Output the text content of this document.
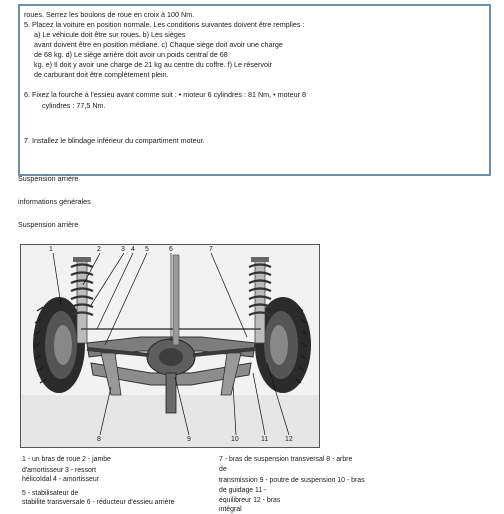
roues. Serrez les boulons de roue en croix à 100 Nm.

5. Placez la voiture en position normale. Les conditions suivantes doivent être remplies :

a) Le véhicule doit être sur roues. b) Les sièges

avant doivent être en position médiane. c) Chaque siège doit avoir une charge

de 68 kg. d) Le siège arrière doit avoir un poids central de 68

kg. e) Il doit y avoir une charge de 21 kg au centre du coffre. f) Le réservoir

de carburant doit être complètement plein.

6. Fixez la fourche à l'essieu avant comme suit : • moteur 6 cylindres : 81 Nm, • moteur 8

cylindres : 77,5 Nm.

7. Installez le blindage inférieur du compartiment moteur.

Suspension arrière

informations générales

Suspension arrière

1	2	3 4 5	6	7
8	9	10	11 12

1 - un bras de roue 2 - jambe

d'amortisseur 3 - ressort

hélicoïdal 4 - amortisseur

5 - stabilisateur de

stabilité transversale 6 - réducteur d'essieu arrière

7 - bras de suspension transversal 8 - arbre

de

transmission 9 - poutre de suspension 10 - bras

de guidage 11 -

équilibreur 12 - bras

intégral
